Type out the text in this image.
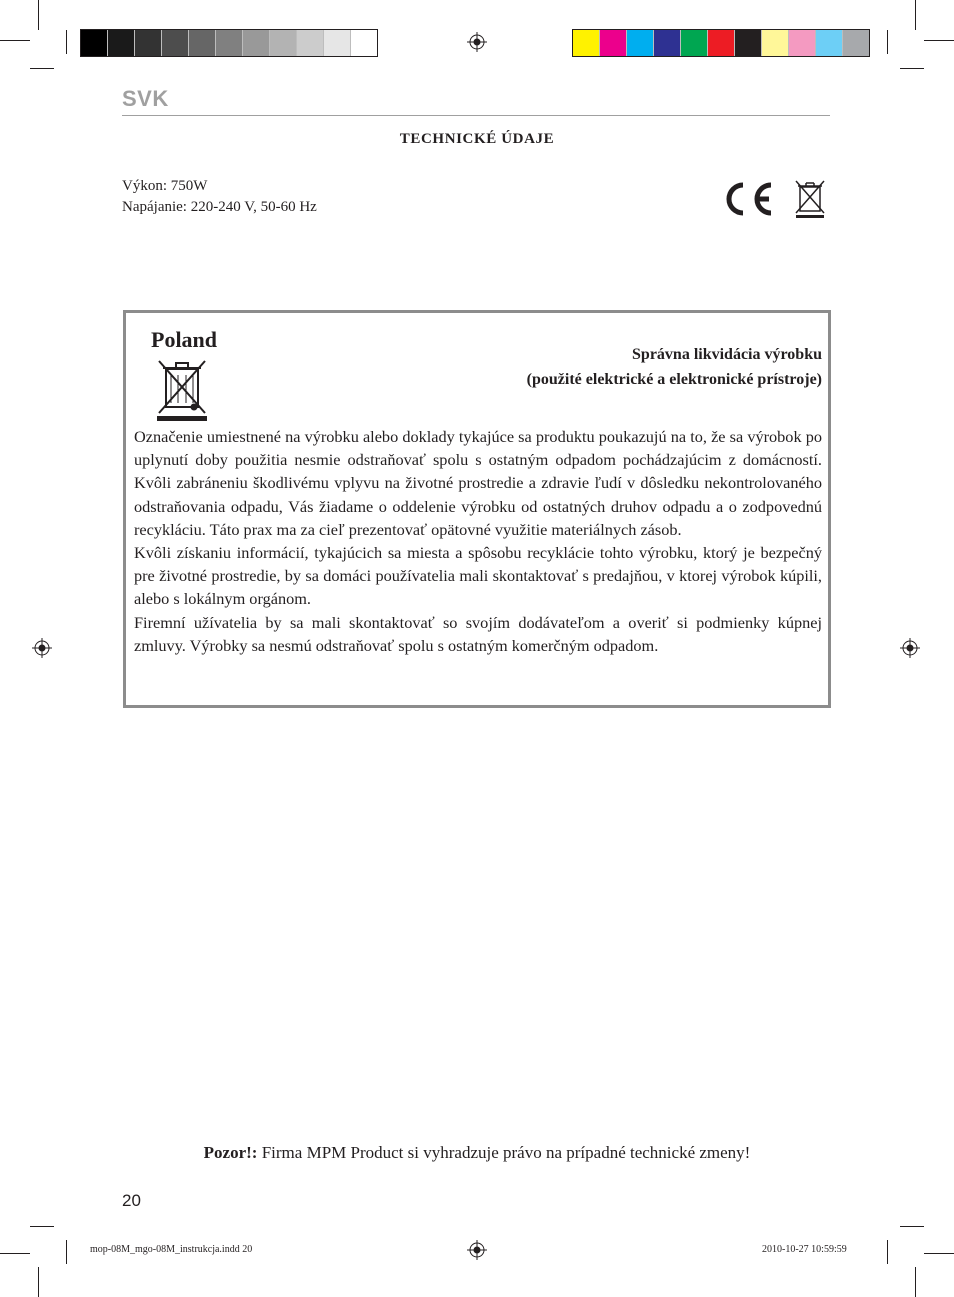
SVK
TECHNICKÉ ÚDAJE
Výkon: 750W
Napájanie: 220-240 V, 50-60 Hz
Poland
Správna likvidácia výrobku
(použité elektrické a elektronické prístroje)

Označenie umiestnené na výrobku alebo doklady tykajúce sa produktu poukazujú na to, že sa výrobok po uplynutí doby použitia nesmie odstraňovať spolu s ostatným odpadom pochádzajúcim z domácností. Kvôli zabráneniu škodlivému vplyvu na životné prostredie a zdravie ľudí v dôsledku nekontrolovaného odstraňovania odpadu, Vás žiadame o oddelenie výrobku od ostatných druhov odpadu a o zodpovednú recykláciu. Táto prax ma za cieľ prezentovať opätovné využitie materiálnych zásob.

Kvôli získaniu informácií, tykajúcich sa miesta a spôsobu recyklácie tohto výrobku, ktorý je bezpečný pre životné prostredie, by sa domáci používatelia mali skontaktovať s predajňou, v ktorej výrobok kúpili, alebo s lokálnym orgánom.

Firemní užívatelia by sa mali skontaktovať so svojím dodávateľom a overiť si podmienky kúpnej zmluvy. Výrobky sa nesmú odstraňovať spolu s ostatným komerčným odpadom.

Pozor!: Firma MPM Product si vyhradzuje právo na prípadné technické zmeny!
20
mop-08M_mgo-08M_instrukcja.indd 20	2010-10-27 10:59:59
